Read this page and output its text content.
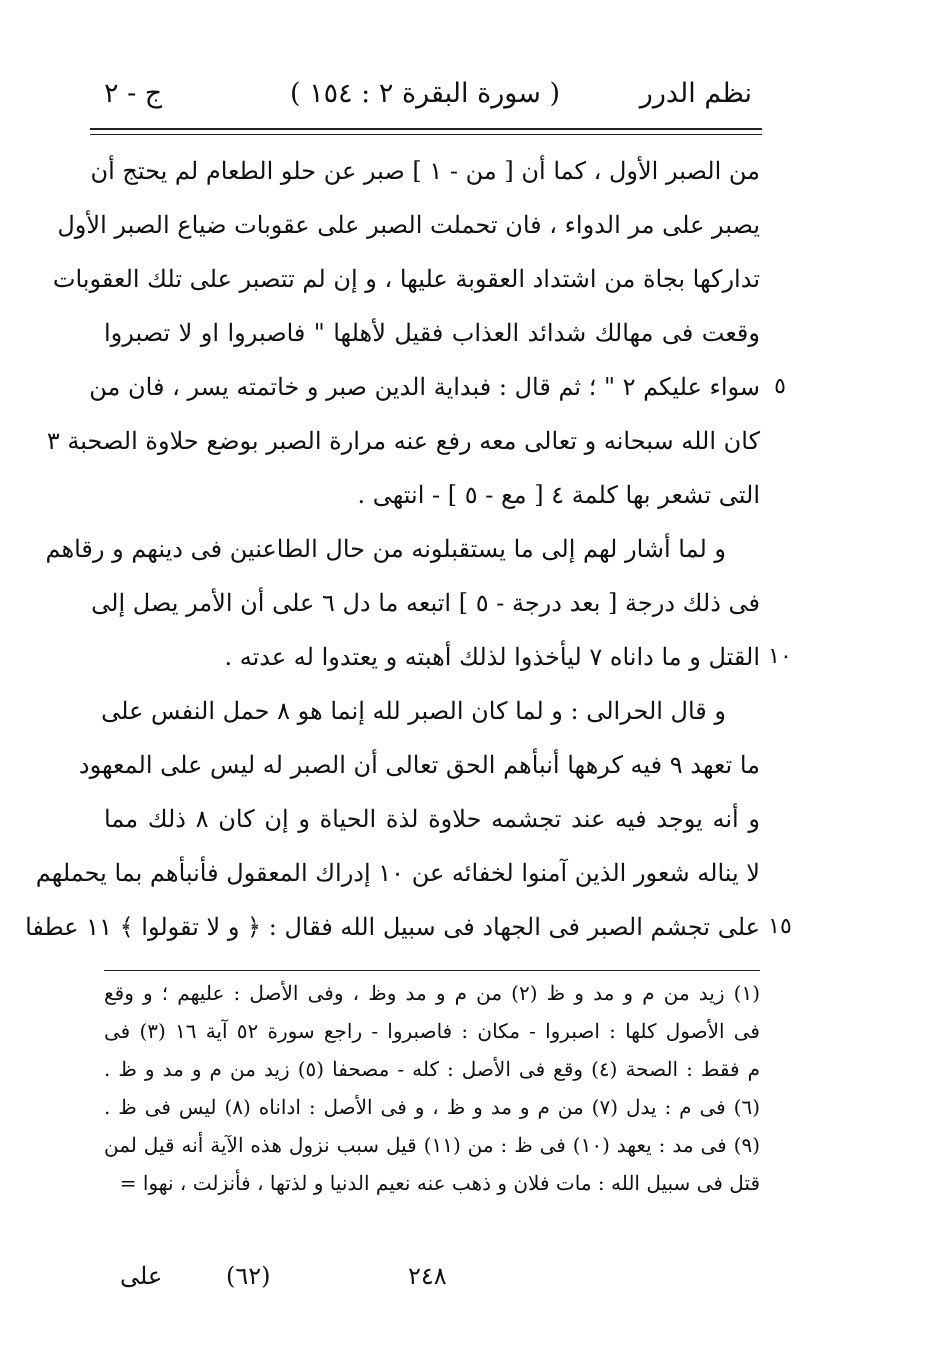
نظم الدرر
( سورة البقرة ٢ : ١٥٤ )
ج - ٢
من الصبر الأول ، كما أن [ من - ١ ] صبر عن حلو الطعام لم يحتج أن
يصبر على مر الدواء ، فان تحملت الصبر على عقوبات ضياع الصبر الأول
تداركها بجاة من اشتداد العقوبة عليها ، و إن لم تتصبر على تلك العقوبات
وقعت فى مهالك شدائد العذاب فقيل لأهلها " فاصبروا او لا تصبروا
سواء عليكم ٢ " ؛ ثم قال : فبداية الدين صبر و خاتمته يسر ، فان من
كان الله سبحانه و تعالى معه رفع عنه مرارة الصبر بوضع حلاوة الصحبة ٣
التى تشعر بها كلمة ٤ [ مع - ٥ ] - انتهى .
و لما أشار لهم إلى ما يستقبلونه من حال الطاعنين فى دينهم و رقاهم
فى ذلك درجة [ بعد درجة - ٥ ] اتبعه ما دل ٦ على أن الأمر يصل إلى
القتل و ما داناه ٧ ليأخذوا لذلك أهبته و يعتدوا له عدته .
و قال الحرالى : و لما كان الصبر لله إنما هو ٨ حمل النفس على
ما تعهد ٩ فيه كرهها أنبأهم الحق تعالى أن الصبر له ليس على المعهود
و أنه يوجد فيه عند تجشمه حلاوة لذة الحياة و إن كان ٨ ذلك مما
لا يناله شعور الذين آمنوا لخفائه عن ١٠ إدراك المعقول فأنبأهم بما يحملهم
على تجشم الصبر فى الجهاد فى سبيل الله فقال : ﴿ و لا تقولوا ﴾ ١١ عطفا
٥
١٠
١٥
(١) زيد من م و مد و ظ (٢) من م و مد وظ ، وفى الأصل : عليهم ؛ و وقع
فى الأصول كلها : اصبروا - مكان : فاصبروا - راجع سورة ٥٢ آية ١٦ (٣) فى
م فقط : الصحة (٤) وقع فى الأصل : كله - مصحفا (٥) زيد من م و مد و ظ .
(٦) فى م : يدل (٧) من م و مد و ظ ، و فى الأصل : اداناه (٨) ليس فى ظ .
(٩) فى مد : يعهد (١٠) فى ظ : من (١١) قيل سبب نزول هذه الآية أنه قيل لمن
قتل فى سبيل الله : مات فلان و ذهب عنه نعيم الدنيا و لذتها ، فأنزلت ، نهوا =
٢٤٨
(٦٢)
على
